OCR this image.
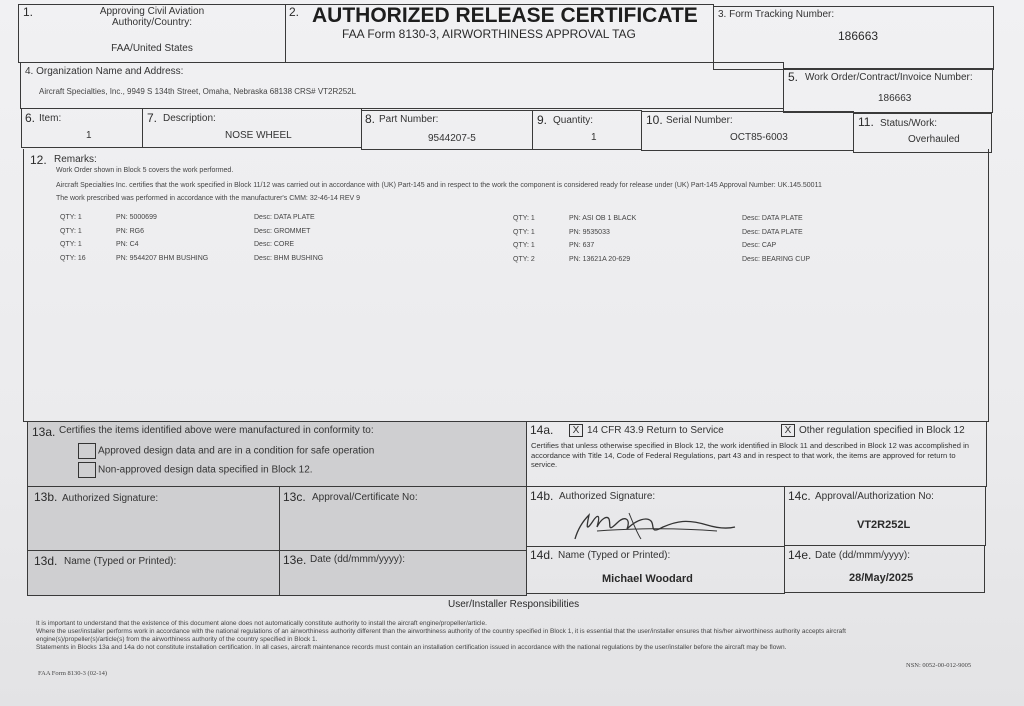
1.	Approving Civil Aviation
Authority/Country:
FAA/United States
2. AUTHORIZED RELEASE CERTIFICATE
FAA Form 8130-3, AIRWORTHINESS APPROVAL TAG
3. Form Tracking Number:
186663
4. Organization Name and Address:
Aircraft Specialties, Inc., 9949 S 134th Street, Omaha, Nebraska 68138 CRS# VT2R252L
5. Work Order/Contract/Invoice Number:
186663
6. Item:
1
7. Description:
NOSE WHEEL
8. Part Number:
9544207-5
9. Quantity:
1
10. Serial Number:
OCT85-6003
11. Status/Work:
Overhauled
12. Remarks:
Work Order shown in Block 5 covers the work performed.
Aircraft Specialties Inc. certifies that the work specified in Block 11/12 was carried out in accordance with (UK) Part-145 and in respect to the work the component is considered ready for release under (UK) Part-145 Approval Number: UK.145.50011
The work prescribed was performed in accordance with the manufacturer's CMM: 32-46-14 REV 9
QTY: 1	PN: 5000699	Desc: DATA PLATE
QTY: 1	PN: RG6	Desc: GROMMET
QTY: 1	PN: C4	Desc: CORE
QTY: 16	PN: 9544207 BHM BUSHING	Desc: BHM BUSHING
QTY: 1	PN: ASI OB 1 BLACK	Desc: DATA PLATE
QTY: 1	PN: 9535033	Desc: DATA PLATE
QTY: 1	PN: 637	Desc: CAP
QTY: 2	PN: 13621A 20-629	Desc: BEARING CUP
13a. Certifies the items identified above were manufactured in conformity to:
Approved design data and are in a condition for safe operation
Non-approved design data specified in Block 12.
14a.	X 14 CFR 43.9 Return to Service	X Other regulation specified in Block 12
Certifies that unless otherwise specified in Block 12, the work identified in Block 11 and described in Block 12 was accomplished in accordance with Title 14, Code of Federal Regulations, part 43 and in respect to that work, the items are approved for return to service.
13b. Authorized Signature:	13c. Approval/Certificate No:	14b. Authorized Signature:	14c. Approval/Authorization No:
VT2R252L
13d. Name (Typed or Printed):	13e. Date (dd/mmm/yyyy):	14d. Name (Typed or Printed):
Michael Woodard
14e. Date (dd/mmm/yyyy):
28/May/2025
User/Installer Responsibilities
It is important to understand that the existence of this document alone does not automatically constitute authority to install the aircraft engine/propeller/article.
Where the user/installer performs work in accordance with the national regulations of an airworthiness authority different than the airworthiness authority of the country specified in Block 1, it is essential that the user/installer ensures that his/her airworthiness authority accepts aircraft
engine(s)/propeller(s)/article(s) from the airworthiness authority of the country specified in Block 1.
Statements in Blocks 13a and 14a do not constitute installation certification. In all cases, aircraft maintenance records must contain an installation certification issued in accordance with the national regulations by the user/installer before the aircraft may be flown.
FAA Form 8130-3 (02-14)
NSN: 0052-00-012-9005
